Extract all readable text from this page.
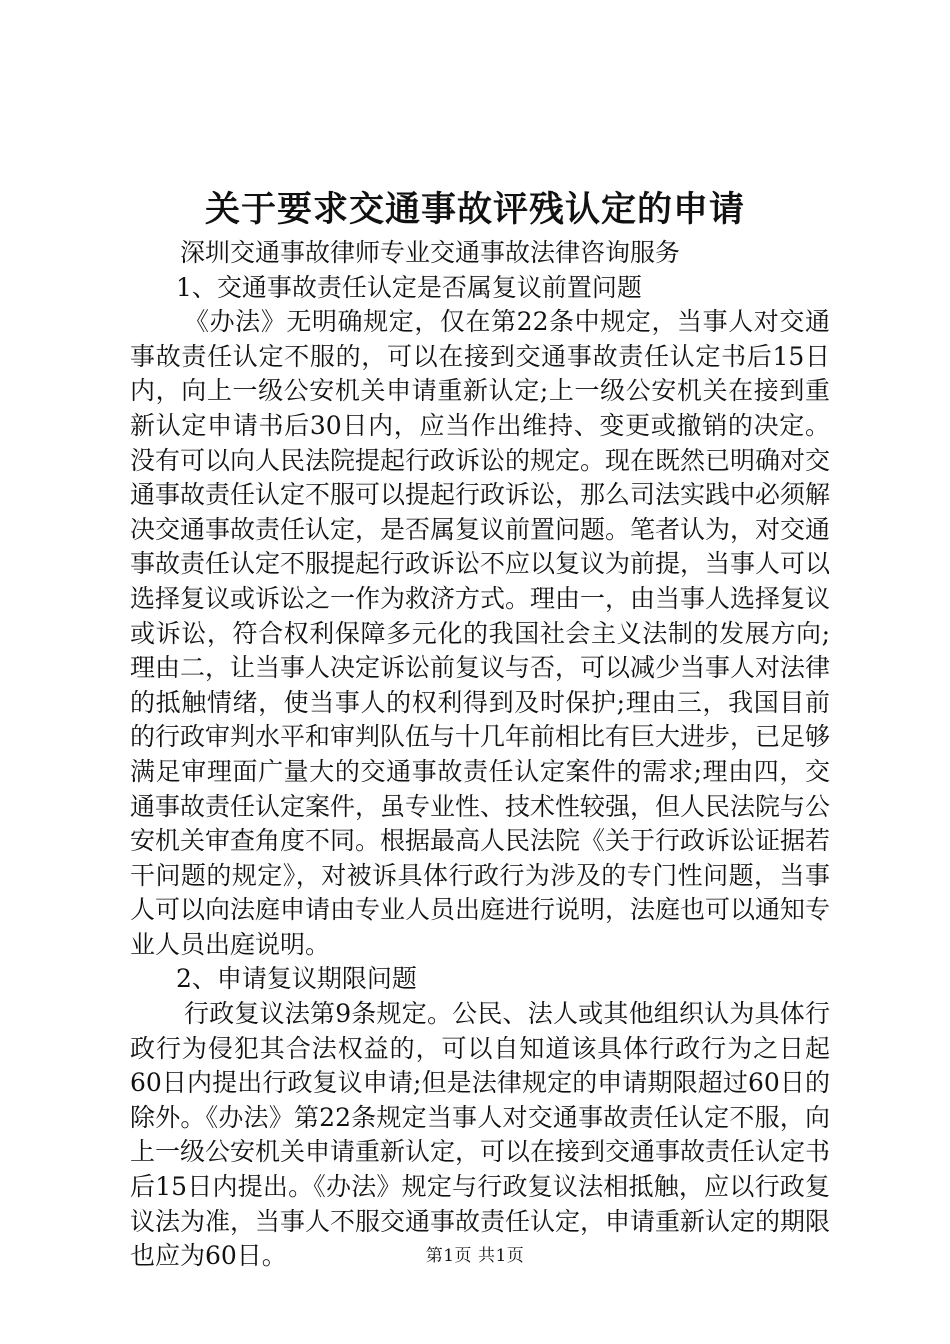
关于要求交通事故评残认定的申请

深圳交通事故律师专业交通事故法律咨询服务

1、交通事故责任认定是否属复议前置问题

《办法》无明确规定，仅在第22条中规定，当事人对交通事故责任认定不服的，可以在接到交通事故责任认定书后15日内，向上一级公安机关申请重新认定;上一级公安机关在接到重新认定申请书后30日内，应当作出维持、变更或撤销的决定。没有可以向人民法院提起行政诉讼的规定。现在既然已明确对交通事故责任认定不服可以提起行政诉讼，那么司法实践中必须解决交通事故责任认定，是否属复议前置问题。笔者认为，对交通事故责任认定不服提起行政诉讼不应以复议为前提，当事人可以选择复议或诉讼之一作为救济方式。理由一，由当事人选择复议或诉讼，符合权利保障多元化的我国社会主义法制的发展方向;理由二，让当事人决定诉讼前复议与否，可以减少当事人对法律的抵触情绪，使当事人的权利得到及时保护;理由三，我国目前的行政审判水平和审判队伍与十几年前相比有巨大进步，已足够满足审理面广量大的交通事故责任认定案件的需求;理由四，交通事故责任认定案件，虽专业性、技术性较强，但人民法院与公安机关审查角度不同。根据最高人民法院《关于行政诉讼证据若干问题的规定》，对被诉具体行政行为涉及的专门性问题，当事人可以向法庭申请由专业人员出庭进行说明，法庭也可以通知专业人员出庭说明。

2、申请复议期限问题

行政复议法第9条规定。公民、法人或其他组织认为具体行政行为侵犯其合法权益的，可以自知道该具体行政行为之日起60日内提出行政复议申请;但是法律规定的申请期限超过60日的除外。《办法》第22条规定当事人对交通事故责任认定不服，向上一级公安机关申请重新认定，可以在接到交通事故责任认定书后15日内提出。《办法》规定与行政复议法相抵触，应以行政复议法为准，当事人不服交通事故责任认定，申请重新认定的期限也应为60日。	第1页 共1页
